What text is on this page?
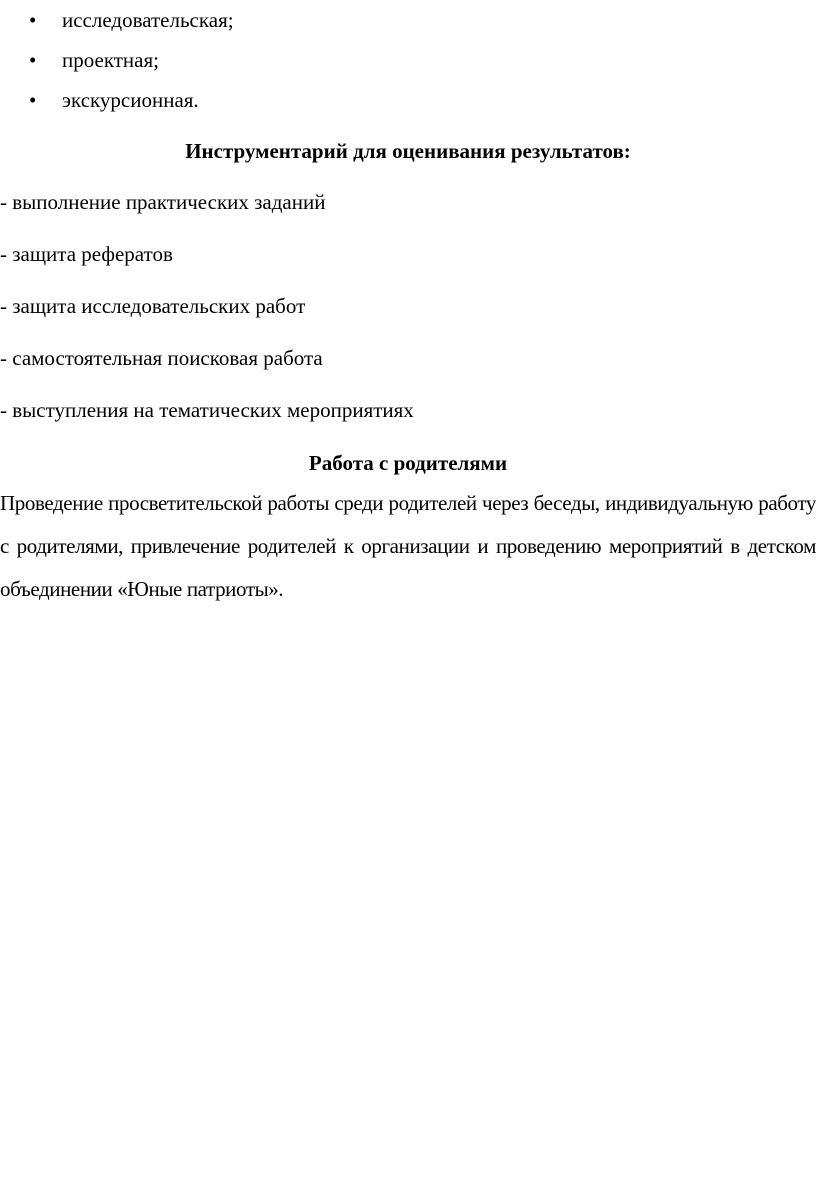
• исследовательская;
• проектная;
• экскурсионная.
Инструментарий для оценивания результатов:
- выполнение практических заданий
- защита рефератов
- защита исследовательских работ
- самостоятельная поисковая работа
- выступления на тематических мероприятиях
Работа с родителями

Проведение просветительской работы среди родителей через беседы, индивидуальную работу с родителями, привлечение родителей к организации и проведению мероприятий в детском объединении «Юные патриоты».
